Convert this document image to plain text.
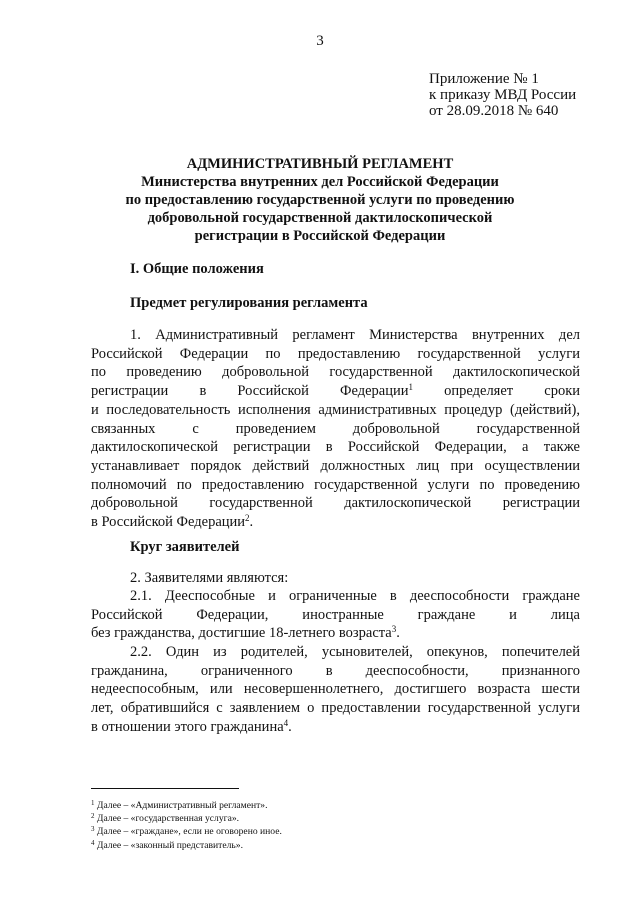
3
Приложение № 1
к приказу МВД России
от 28.09.2018 № 640
АДМИНИСТРАТИВНЫЙ РЕГЛАМЕНТ
Министерства внутренних дел Российской Федерации
по предоставлению государственной услуги по проведению
добровольной государственной дактилоскопической
регистрации в Российской Федерации
I. Общие положения
Предмет регулирования регламента
1. Административный регламент Министерства внутренних дел
Российской Федерации по предоставлению государственной услуги
по проведению добровольной государственной дактилоскопической
регистрации в Российской Федерации$^1$ определяет сроки
и последовательность исполнения административных процедур (действий),
связанных с проведением добровольной государственной
дактилоскопической регистрации в Российской Федерации, а также
устанавливает порядок действий должностных лиц при осуществлении
полномочий по предоставлению государственной услуги по проведению
добровольной государственной дактилоскопической регистрации
в Российской Федерации$^2$.
Круг заявителей
2. Заявителями являются:
2.1. Дееспособные и ограниченные в дееспособности граждане
Российской Федерации, иностранные граждане и лица
без гражданства, достигшие 18-летнего возраста$^3$.
2.2. Один из родителей, усыновителей, опекунов, попечителей
гражданина, ограниченного в дееспособности, признанного
недееспособным, или несовершеннолетнего, достигшего возраста шести
лет, обратившийся с заявлением о предоставлении государственной услуги
в отношении этого гражданина$^4$.
$^1$ Далее – «Административный регламент».
$^2$ Далее – «государственная услуга».
$^3$ Далее – «граждане», если не оговорено иное.
$^4$ Далее – «законный представитель».
